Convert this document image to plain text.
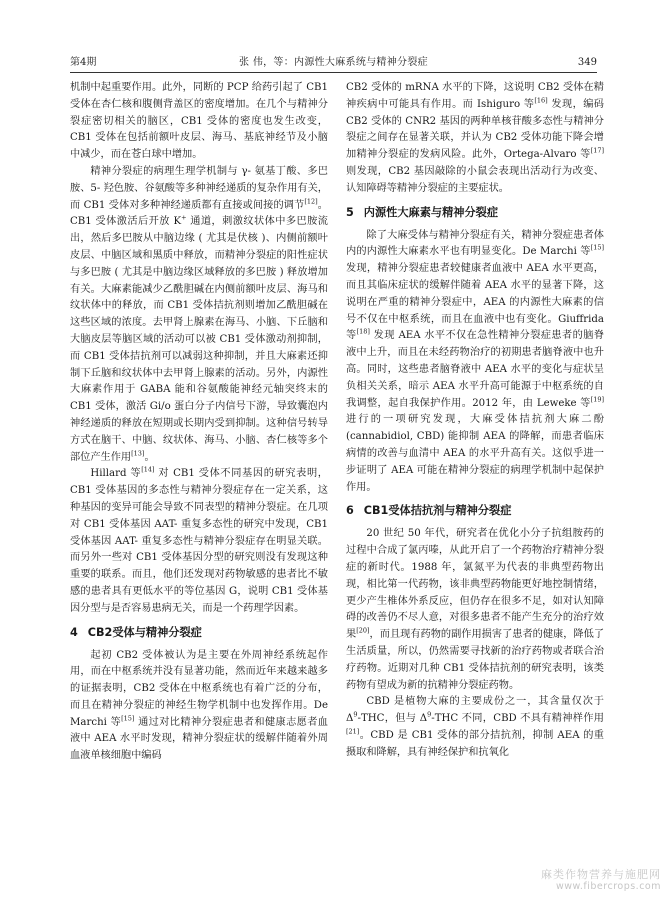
第4期	张 伟，等：内源性大麻系统与精神分裂症	349

机制中起重要作用。此外，同断的 PCP 给药引起了 CB1 受体在杏仁核和腹侧背盖区的密度增加。在几个与精神分裂症密切相关的脑区，CB1 受体的密度也发生改变，CB1 受体在包括前额叶皮层、海马、基底神经节及小脑中减少，而在苍白球中增加。

精神分裂症的病理生理学机制与 γ- 氨基丁酸、多巴胺、5- 羟色胺、谷氨酸等多种神经递质的复杂作用有关，而 CB1 受体对多种神经递质都有直接或间接的调节[12]。CB1 受体激活后开放 K+ 通道，刺激纹状体中多巴胺流出，然后多巴胺从中脑边缘 ( 尤其是伏核 )、内侧前额叶皮层、中脑区域和黑质中释放，而精神分裂症的阳性症状与多巴胺 ( 尤其是中脑边缘区域释放的多巴胺 ) 释放增加有关。大麻素能减少乙酰胆碱在内侧前额叶皮层、海马和纹状体中的释放，而 CB1 受体拮抗剂则增加乙酰胆碱在这些区域的浓度。去甲肾上腺素在海马、小脑、下丘脑和大脑皮层等脑区域的活动可以被 CB1 受体激动剂抑制，而 CB1 受体拮抗剂可以减弱这种抑制，并且大麻素还抑制下丘脑和纹状体中去甲肾上腺素的活动。另外，内源性大麻素作用于 GABA 能和谷氨酸能神经元轴突终末的 CB1 受体，激活 Gi/o 蛋白分子内信号下游，导致囊泡内神经递质的释放在短期或长期内受到抑制。这种信号转导方式在脑干、中脑、纹状体、海马、小脑、杏仁核等多个部位产生作用[13]。

Hillard 等[14] 对 CB1 受体不同基因的研究表明，CB1 受体基因的多态性与精神分裂症存在一定关系，这种基因的变异可能会导致不同表型的精神分裂症。在几项对 CB1 受体基因 AAT- 重复多态性的研究中发现，CB1 受体基因 AAT- 重复多态性与精神分裂症存在明显关联。而另外一些对 CB1 受体基因分型的研究则没有发现这种重要的联系。而且，他们还发现对药物敏感的患者比不敏感的患者具有更低水平的等位基因 G，说明 CB1 受体基因分型与是否容易患病无关，而是一个药理学因素。

4 CB2受体与精神分裂症

起初 CB2 受体被认为是主要在外周神经系统起作用，而在中枢系统并没有显著功能，然而近年来越来越多的证据表明，CB2 受体在中枢系统也有着广泛的分布，而且在精神分裂症的神经生物学机制中也发挥作用。De Marchi 等[15] 通过对比精神分裂症患者和健康志愿者血液中 AEA 水平时发现，精神分裂症状的缓解伴随着外周血液单核细胞中编码

CB2 受体的 mRNA 水平的下降，这说明 CB2 受体在精神疾病中可能具有作用。而 Ishiguro 等[16] 发现，编码 CB2 受体的 CNR2 基因的两种单核苷酸多态性与精神分裂症之间存在显著关联，并认为 CB2 受体功能下降会增加精神分裂症的发病风险。此外，Ortega-Alvaro 等[17] 则发现，CB2 基因敲除的小鼠会表现出活动行为改变、认知障碍等精神分裂症的主要症状。

5 内源性大麻素与精神分裂症

除了大麻受体与精神分裂症有关，精神分裂症患者体内的内源性大麻素水平也有明显变化。De Marchi 等[15] 发现，精神分裂症患者较健康者血液中 AEA 水平更高，而且其临床症状的缓解伴随着 AEA 水平的显著下降，这说明在严重的精神分裂症中，AEA 的内源性大麻素的信号不仅在中枢系统，而且在血液中也有变化。Giuffrida 等[18] 发现 AEA 水平不仅在急性精神分裂症患者的脑脊液中上升，而且在未经药物治疗的初期患者脑脊液中也升高。同时，这些患者脑脊液中 AEA 水平的变化与症状呈负相关关系，暗示 AEA 水平升高可能源于中枢系统的自我调整，起自我保护作用。2012 年，由 Leweke 等[19] 进行的一项研究发现，大麻受体拮抗剂大麻二酚 (cannabidiol, CBD) 能抑制 AEA 的降解，而患者临床病情的改善与血清中 AEA 的水平升高有关。这似乎进一步证明了 AEA 可能在精神分裂症的病理学机制中起保护作用。

6 CB1受体拮抗剂与精神分裂症

20 世纪 50 年代，研究者在优化小分子抗组胺药的过程中合成了氯丙嗪，从此开启了一个药物治疗精神分裂症的新时代。1988 年，氯氮平为代表的非典型药物出现，相比第一代药物，该非典型药物能更好地控制情绪，更少产生椎体外系反应，但仍存在很多不足，如对认知障碍的改善仍不尽人意，对很多患者不能产生充分的治疗效果[20]，而且现有药物的副作用损害了患者的健康，降低了生活质量，所以，仍然需要寻找新的治疗药物或者联合治疗药物。近期对几种 CB1 受体拮抗剂的研究表明，该类药物有望成为新的抗精神分裂症药物。

CBD 是植物大麻的主要成份之一，其含量仅次于 $\Delta^9$-THC，但与 $\Delta^9$-THC 不同，CBD 不具有精神样作用[21]。CBD 是 CB1 受体的部分拮抗剂，抑制 AEA 的重摄取和降解，具有神经保护和抗氧化

麻类作物营养与施肥网
www.fibercrops.com
